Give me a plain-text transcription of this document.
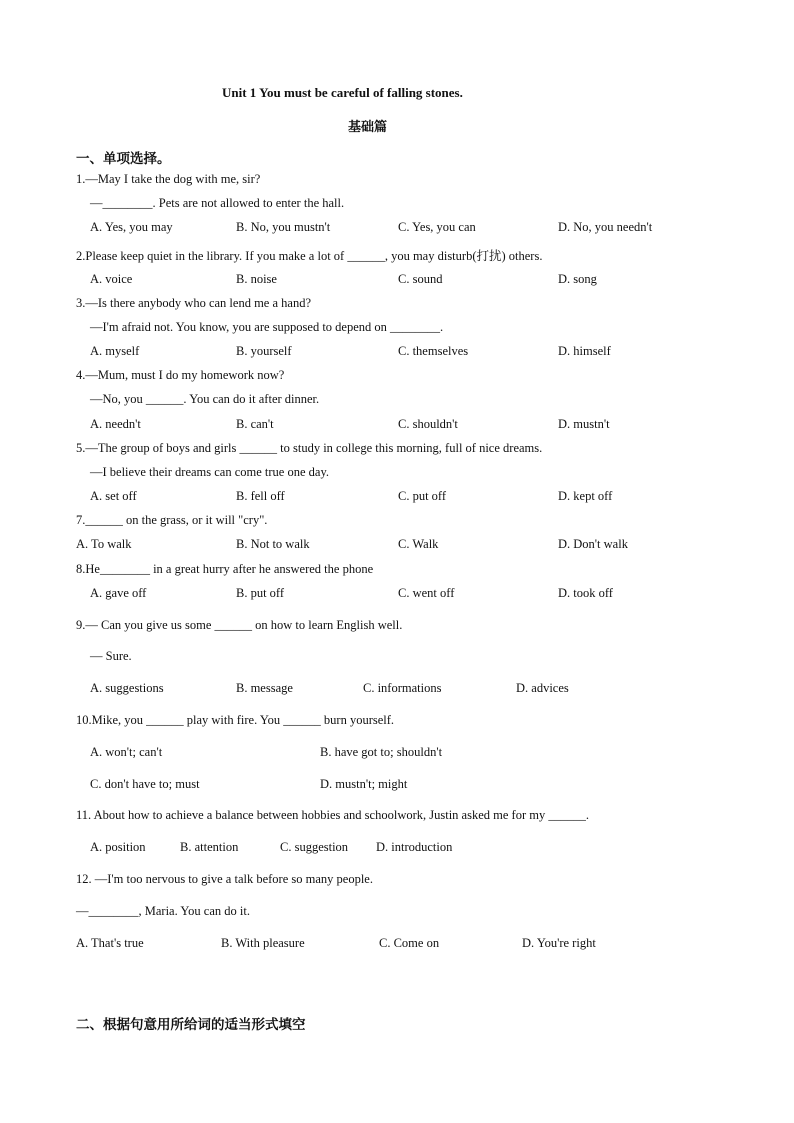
Unit 1 You must be careful of falling stones.
基础篇
一、单项选择。
1.—May I take the dog with me, sir?
—________. Pets are not allowed to enter the hall.
A. Yes, you may	B. No, you mustn't	C. Yes, you can	D. No, you needn't
2.Please keep quiet in the library. If you make a lot of ______, you may disturb(打扰) others.
A. voice	B. noise	C. sound	D. song
3.—Is there anybody who can lend me a hand?
—I'm afraid not. You know, you are supposed to depend on ________.
A. myself	B. yourself	C. themselves	D. himself
4.—Mum, must I do my homework now?
—No, you ______. You can do it after dinner.
A. needn't	B. can't	C. shouldn't	D. mustn't
5.—The group of boys and girls ______ to study in college this morning, full of nice dreams.
—I believe their dreams can come true one day.
A. set off	B. fell off	C. put off	D. kept off
7.______ on the grass, or it will "cry".
A. To walk	B. Not to walk	C. Walk	D. Don't walk
8.He________ in a great hurry after he answered the phone
A. gave off	B. put off	C. went off	D. took off
9.— Can you give us some ______ on how to learn English well.
— Sure.
A. suggestions	B. message	C. informations	D. advices
10.Mike, you ______ play with fire. You ______ burn yourself.
A. won't; can't	B. have got to; shouldn't
C. don't have to; must	D. mustn't; might
11. About how to achieve a balance between hobbies and schoolwork, Justin asked me for my ______.
A. position	B. attention	C. suggestion D. introduction
12. —I'm too nervous to give a talk before so many people.
—________, Maria. You can do it.
A. That's true	B. With pleasure	C. Come on	D. You're right
二、根据句意用所给词的适当形式填空
